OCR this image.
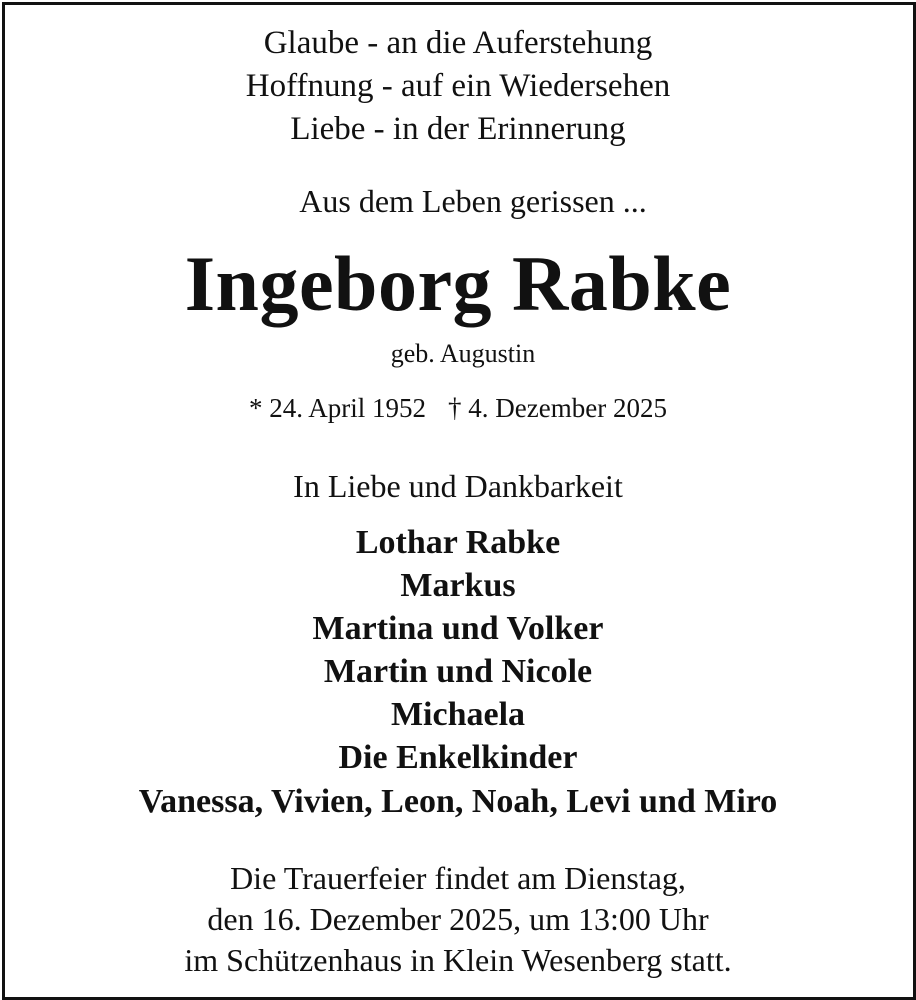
Glaube - an die Auferstehung
Hoffnung - auf ein Wiedersehen
Liebe - in der Erinnerung
Aus dem Leben gerissen ...
Ingeborg Rabke
geb. Augustin
* 24. April 1952 † 4. Dezember 2025
In Liebe und Dankbarkeit
Lothar Rabke
Markus
Martina und Volker
Martin und Nicole
Michaela
Die Enkelkinder
Vanessa, Vivien, Leon, Noah, Levi und Miro
Die Trauerfeier findet am Dienstag,
den 16. Dezember 2025, um 13:00 Uhr
im Schützenhaus in Klein Wesenberg statt.
